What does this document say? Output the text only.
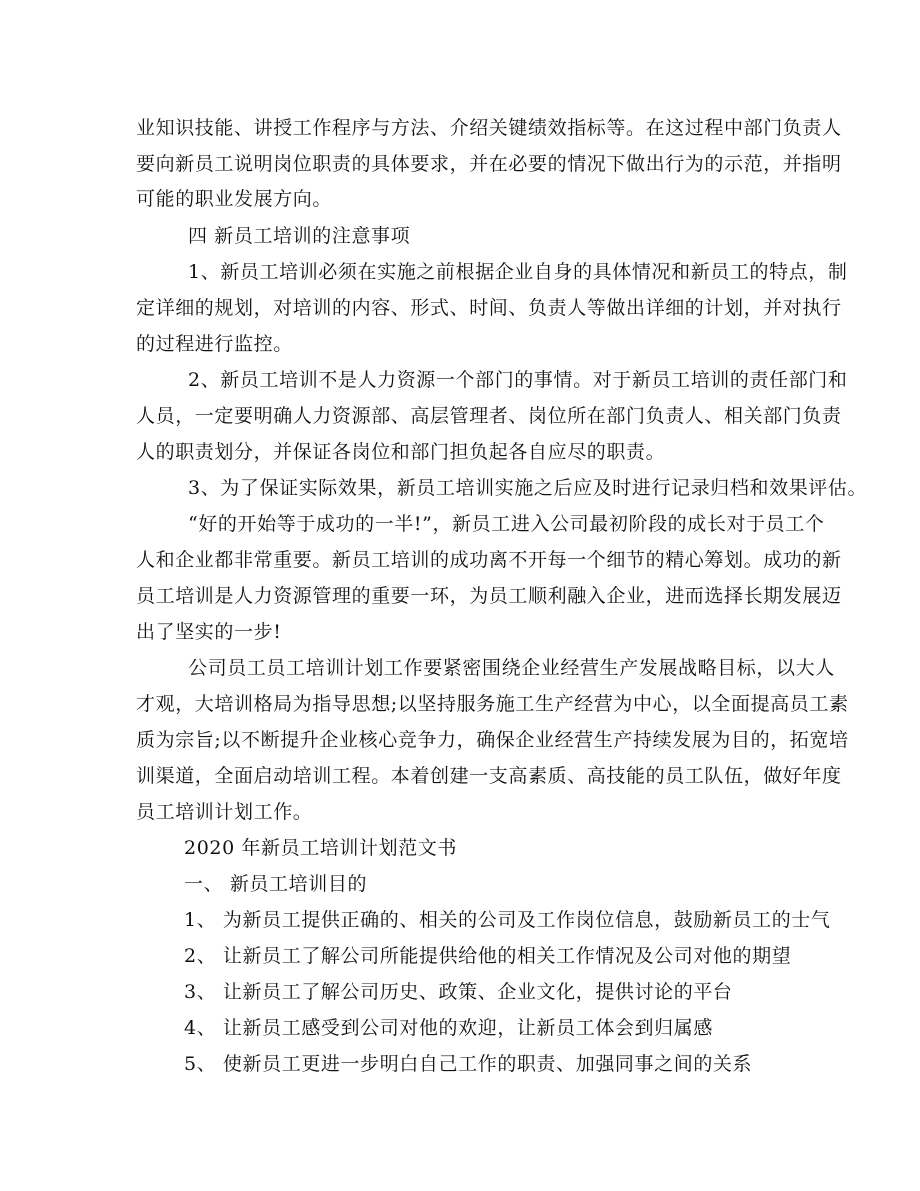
业知识技能、讲授工作程序与方法、介绍关键绩效指标等。在这过程中部门负责人

要向新员工说明岗位职责的具体要求，并在必要的情况下做出行为的示范，并指明

可能的职业发展方向。

四 新员工培训的注意事项

1、新员工培训必须在实施之前根据企业自身的具体情况和新员工的特点，制

定详细的规划，对培训的内容、形式、时间、负责人等做出详细的计划，并对执行

的过程进行监控。

2、新员工培训不是人力资源一个部门的事情。对于新员工培训的责任部门和

人员，一定要明确人力资源部、高层管理者、岗位所在部门负责人、相关部门负责

人的职责划分，并保证各岗位和部门担负起各自应尽的职责。

3、为了保证实际效果，新员工培训实施之后应及时进行记录归档和效果评估。

“好的开始等于成功的一半!”，新员工进入公司最初阶段的成长对于员工个

人和企业都非常重要。新员工培训的成功离不开每一个细节的精心筹划。成功的新

员工培训是人力资源管理的重要一环，为员工顺利融入企业，进而选择长期发展迈

出了坚实的一步!

公司员工员工培训计划工作要紧密围绕企业经营生产发展战略目标，以大人

才观，大培训格局为指导思想;以坚持服务施工生产经营为中心，以全面提高员工素

质为宗旨;以不断提升企业核心竞争力，确保企业经营生产持续发展为目的，拓宽培

训渠道，全面启动培训工程。本着创建一支高素质、高技能的员工队伍，做好年度

员工培训计划工作。

2020 年新员工培训计划范文书

一、 新员工培训目的

1、 为新员工提供正确的、相关的公司及工作岗位信息，鼓励新员工的士气

2、 让新员工了解公司所能提供给他的相关工作情况及公司对他的期望

3、 让新员工了解公司历史、政策、企业文化，提供讨论的平台

4、 让新员工感受到公司对他的欢迎，让新员工体会到归属感

5、 使新员工更进一步明白自己工作的职责、加强同事之间的关系
